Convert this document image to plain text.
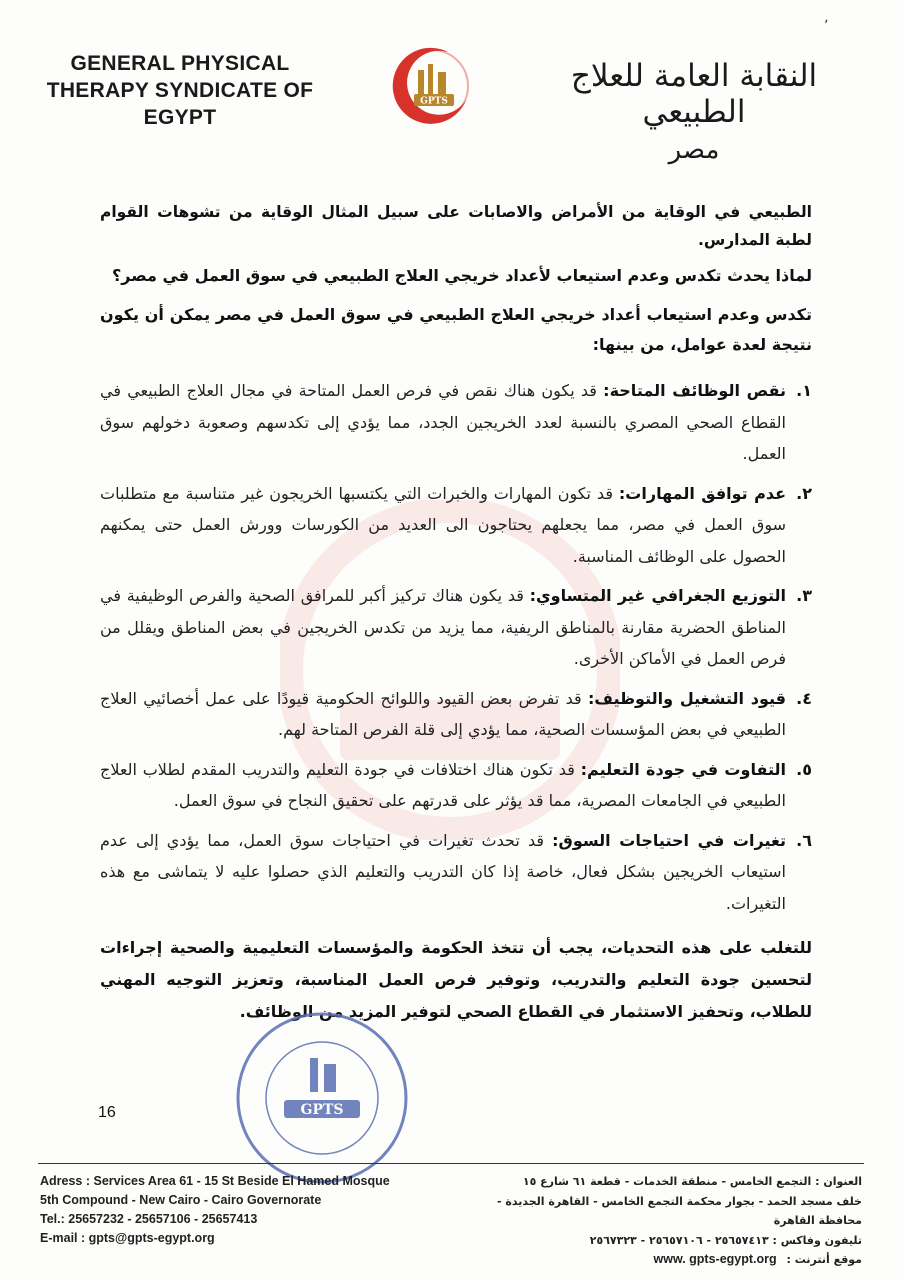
٬
GENERAL PHYSICAL
THERAPY SYNDICATE OF
EGYPT
GPTS
النقابة العامة للعلاج الطبيعي
مصر
الطبيعي في الوقاية من الأمراض والاصابات على سبيل المثال الوقاية من تشوهات القوام لطبة المدارس.
لماذا يحدث تكدس وعدم استيعاب لأعداد خريجي العلاج الطبيعي في سوق العمل في مصر؟
تكدس وعدم استيعاب أعداد خريجي العلاج الطبيعي في سوق العمل في مصر يمكن أن يكون نتيجة لعدة عوامل، من بينها:
١.
نقص الوظائف المتاحة: قد يكون هناك نقص في فرص العمل المتاحة في مجال العلاج الطبيعي في القطاع الصحي المصري بالنسبة لعدد الخريجين الجدد، مما يؤدي إلى تكدسهم وصعوبة دخولهم سوق العمل.
٢.
عدم توافق المهارات: قد تكون المهارات والخبرات التي يكتسبها الخريجون غير متناسبة مع متطلبات سوق العمل في مصر، مما يجعلهم يحتاجون الى العديد من الكورسات وورش العمل حتى يمكنهم الحصول على الوظائف المناسبة.
٣.
التوزيع الجغرافي غير المتساوي: قد يكون هناك تركيز أكبر للمرافق الصحية والفرص الوظيفية في المناطق الحضرية مقارنة بالمناطق الريفية، مما يزيد من تكدس الخريجين في بعض المناطق ويقلل من فرص العمل في الأماكن الأخرى.
٤.
قيود التشغيل والتوظيف: قد تفرض بعض القيود واللوائح الحكومية قيودًا على عمل أخصائيي العلاج الطبيعي في بعض المؤسسات الصحية، مما يؤدي إلى قلة الفرص المتاحة لهم.
٥.
التفاوت في جودة التعليم: قد تكون هناك اختلافات في جودة التعليم والتدريب المقدم لطلاب العلاج الطبيعي في الجامعات المصرية، مما قد يؤثر على قدرتهم على تحقيق النجاح في سوق العمل.
٦.
تغيرات في احتياجات السوق: قد تحدث تغيرات في احتياجات سوق العمل، مما يؤدي إلى عدم استيعاب الخريجين بشكل فعال، خاصة إذا كان التدريب والتعليم الذي حصلوا عليه لا يتماشى مع هذه التغيرات.
للتغلب على هذه التحديات، يجب أن تتخذ الحكومة والمؤسسات التعليمية والصحية إجراءات لتحسين جودة التعليم والتدريب، وتوفير فرص العمل المناسبة، وتعزيز التوجيه المهني للطلاب، وتحفيز الاستثمار في القطاع الصحي لتوفير المزيد من الوظائف.
GPTS
16
Adress : Services Area 61 - 15 St Beside El Hamed Mosque
5th Compound - New Cairo - Cairo Governorate
Tel.: 25657232 - 25657106 - 25657413
E-mail : gpts@gpts-egypt.org
العنوان : التجمع الخامس - منطقة الخدمات - قطعة ٦١ شارع ١٥
خلف مسجد الحمد - بجوار محكمة التجمع الخامس - القاهرة الجديدة - محافظة القاهرة
تليفون وفاكس : ٢٥٦٥٧٤١٣ - ٢٥٦٥٧١٠٦ - ٢٥٦٧٣٢٣
موقع أنترنت : www. gpts-egypt.org
